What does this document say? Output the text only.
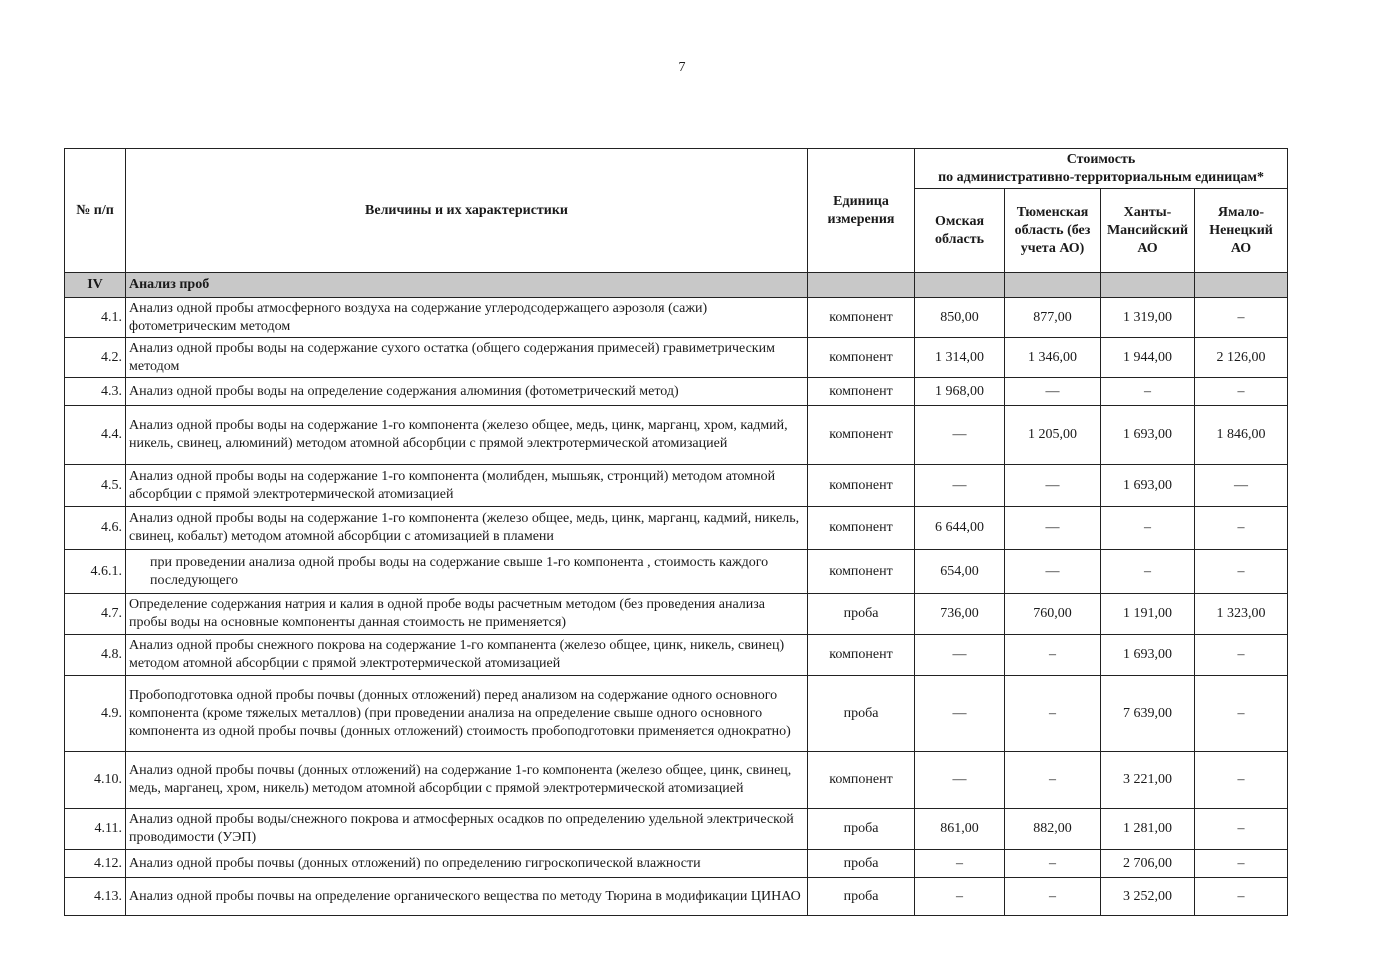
7
№ п/п	Величины и их характеристики	Единица измерения	Стоимость
по административно-территориальным единицам*			

			Омская область	Тюменская область (без учета АО)	Ханты-Мансийский АО	Ямало-Ненецкий АО
IV	Анализ проб					
4.1.	Анализ одной пробы атмосферного воздуха на содержание углеродсодержащего аэрозоля (сажи) фотометрическим методом	компонент	850,00	877,00	1 319,00	–
4.2.	Анализ одной пробы воды на содержание сухого остатка (общего содержания примесей) гравиметрическим методом	компонент	1 314,00	1 346,00	1 944,00	2 126,00
4.3.	Анализ одной пробы воды на определение содержания алюминия (фотометрический метод)	компонент	1 968,00	—	–	–
4.4.	Анализ одной пробы воды на содержание 1-го компонента (железо общее, медь, цинк, марганц, хром, кадмий, никель, свинец, алюминий) методом атомной абсорбции с прямой электротермической атомизацией	компонент	—	1 205,00	1 693,00	1 846,00
4.5.	Анализ одной пробы воды на содержание 1-го компонента (молибден, мышьяк, стронций) методом атомной абсорбции с прямой электротермической атомизацией	компонент	—	—	1 693,00	—
4.6.	Анализ одной пробы воды на содержание 1-го компонента (железо общее, медь, цинк, марганц, кадмий, никель, свинец, кобальт) методом атомной абсорбции с атомизацией в пламени	компонент	6 644,00	—	–	–
4.6.1.	при проведении анализа одной пробы воды на содержание свыше 1-го компонента , стоимость каждого последующего	компонент	654,00	—	–	–
4.7.	Определение содержания натрия и калия в одной пробе воды расчетным методом (без проведения анализа пробы воды на основные компоненты данная стоимость не применяется)	проба	736,00	760,00	1 191,00	1 323,00
4.8.	Анализ одной пробы снежного покрова на содержание 1-го компанента (железо общее, цинк, никель, свинец) методом атомной абсорбции с прямой электротермической атомизацией	компонент	—	–	1 693,00	–
4.9.	Пробоподготовка одной пробы почвы (донных отложений) перед анализом на содержание одного основного компонента (кроме тяжелых металлов) (при проведении анализа на определение свыше одного основного компонента из одной пробы почвы (донных отложений) стоимость пробоподготовки применяется однократно)	проба	—	–	7 639,00	–
4.10.	Анализ одной пробы почвы (донных отложений) на содержание 1-го компонента (железо общее, цинк, свинец, медь, марганец, хром, никель) методом атомной абсорбции с прямой электротермической атомизацией	компонент	—	–	3 221,00	–
4.11.	Анализ одной пробы воды/снежного покрова и атмосферных осадков по определению удельной электрической проводимости (УЭП)	проба	861,00	882,00	1 281,00	–
4.12.	Анализ одной пробы почвы (донных отложений) по определению гигроскопической влажности	проба	–	–	2 706,00	–
4.13.	Анализ одной пробы почвы на определение органического вещества по методу Тюрина в модификации ЦИНАО	проба	–	–	3 252,00	–
